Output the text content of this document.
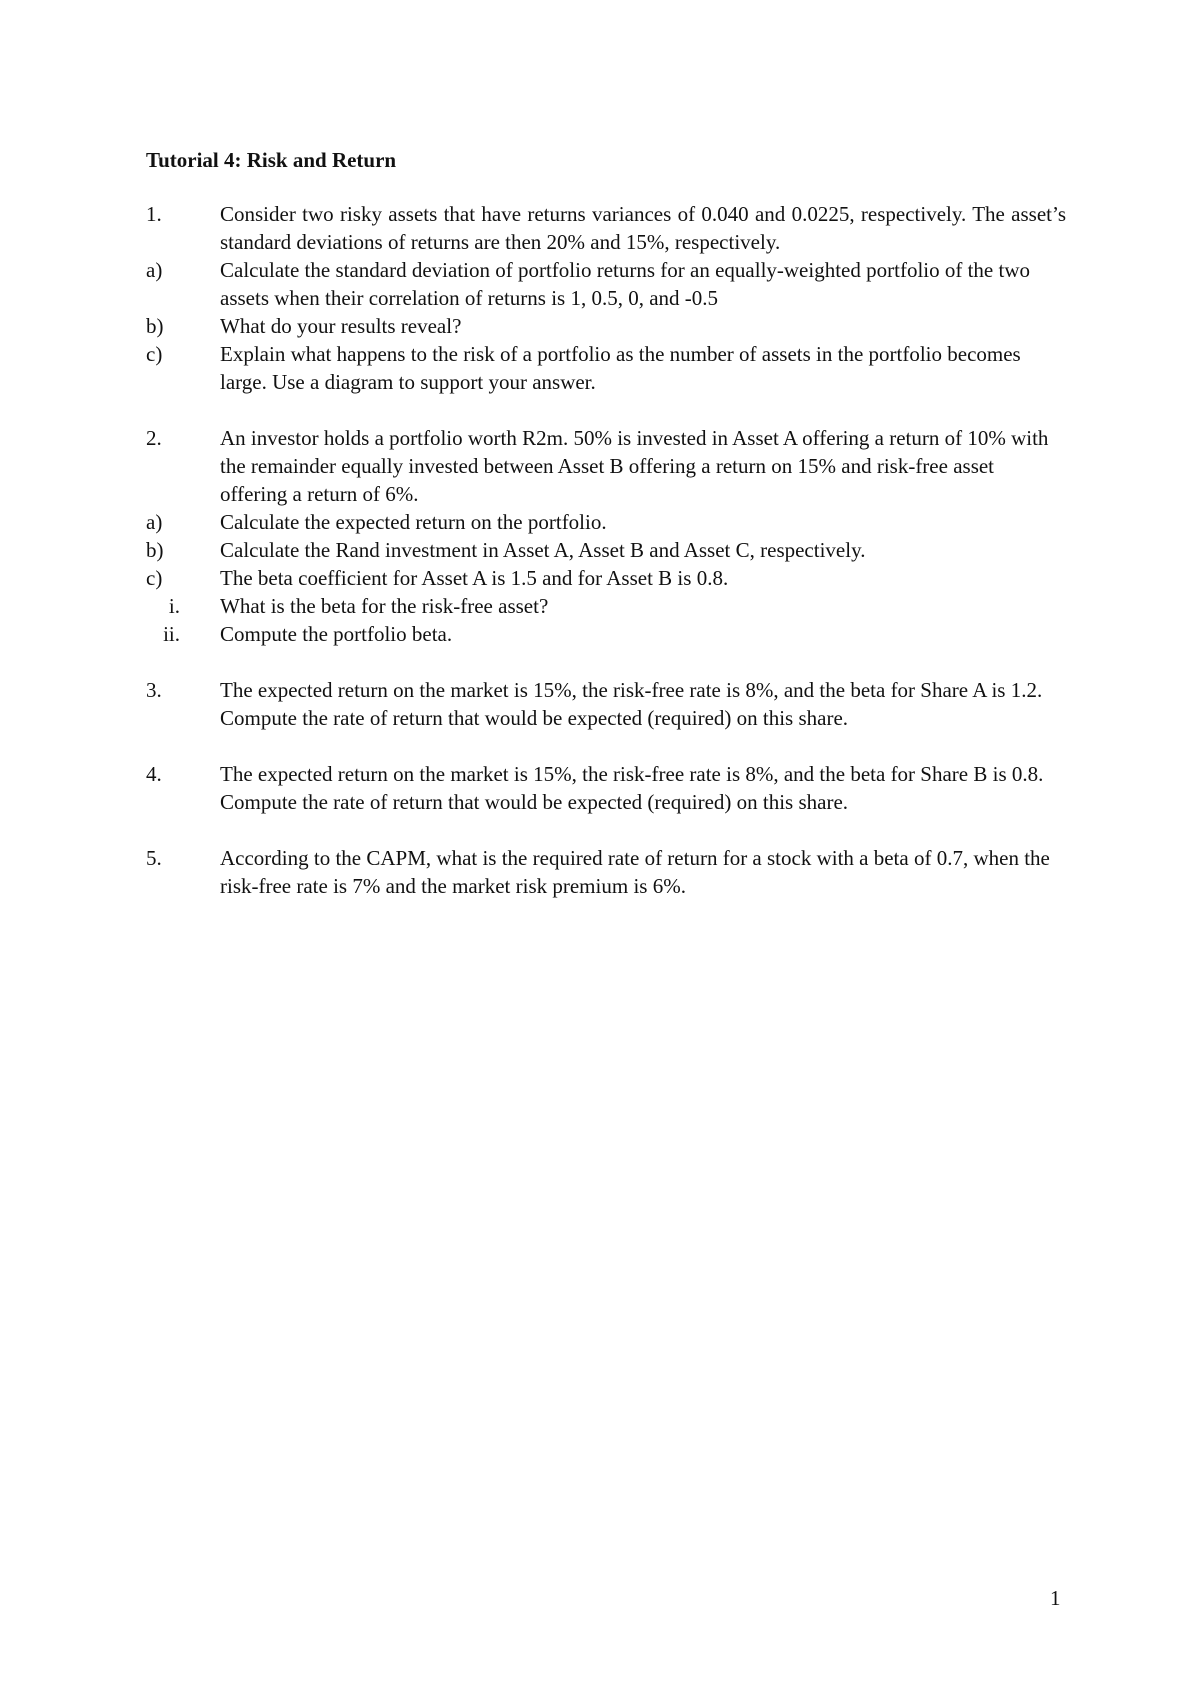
Tutorial 4: Risk and Return
1.	Consider two risky assets that have returns variances of 0.040 and 0.0225, respectively. The asset’s standard deviations of returns are then 20% and 15%, respectively.
a)	Calculate the standard deviation of portfolio returns for an equally-weighted portfolio of the two assets when their correlation of returns is 1, 0.5, 0, and -0.5
b)	What do your results reveal?
c)	Explain what happens to the risk of a portfolio as the number of assets in the portfolio becomes large. Use a diagram to support your answer.
2.	An investor holds a portfolio worth R2m. 50% is invested in Asset A offering a return of 10% with the remainder equally invested between Asset B offering a return on 15% and risk-free asset offering a return of 6%.
a)	Calculate the expected return on the portfolio.
b)	Calculate the Rand investment in Asset A, Asset B and Asset C, respectively.
c)	The beta coefficient for Asset A is 1.5 and for Asset B is 0.8.
i. What is the beta for the risk-free asset?
ii. Compute the portfolio beta.
3.	The expected return on the market is 15%, the risk-free rate is 8%, and the beta for Share A is 1.2. Compute the rate of return that would be expected (required) on this share.
4.	The expected return on the market is 15%, the risk-free rate is 8%, and the beta for Share B is 0.8. Compute the rate of return that would be expected (required) on this share.
5.	According to the CAPM, what is the required rate of return for a stock with a beta of 0.7, when the risk-free rate is 7% and the market risk premium is 6%.
1
